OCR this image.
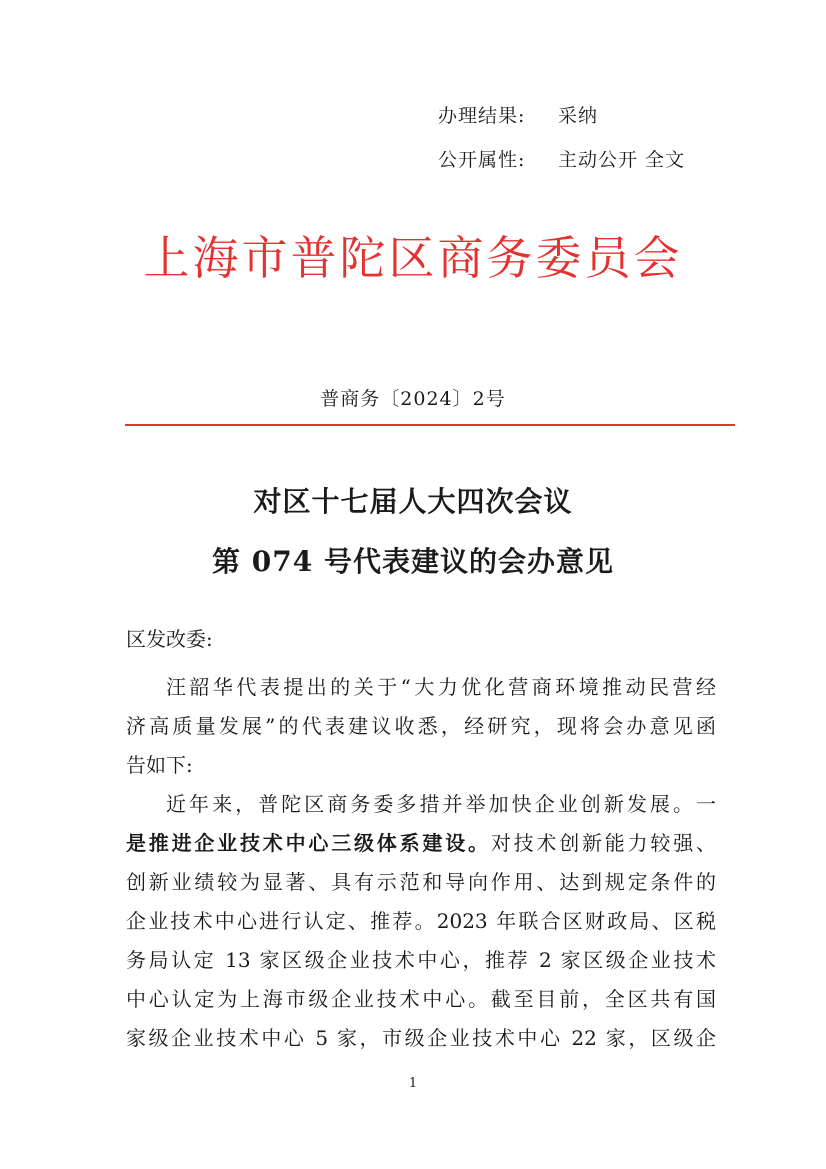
办理结果: 采纳
公开属性: 主动公开 全文
上海市普陀区商务委员会
普商务〔2024〕2号
对区十七届人大四次会议
第 074 号代表建议的会办意见
区发改委:
汪韶华代表提出的关于“大力优化营商环境推动民营经
济高质量发展”的代表建议收悉，经研究，现将会办意见函
告如下:
近年来，普陀区商务委多措并举加快企业创新发展。一
是推进企业技术中心三级体系建设。对技术创新能力较强、
创新业绩较为显著、具有示范和导向作用、达到规定条件的
企业技术中心进行认定、推荐。2023 年联合区财政局、区税
务局认定 13 家区级企业技术中心，推荐 2 家区级企业技术
中心认定为上海市级企业技术中心。截至目前，全区共有国
家级企业技术中心 5 家，市级企业技术中心 22 家，区级企
1
